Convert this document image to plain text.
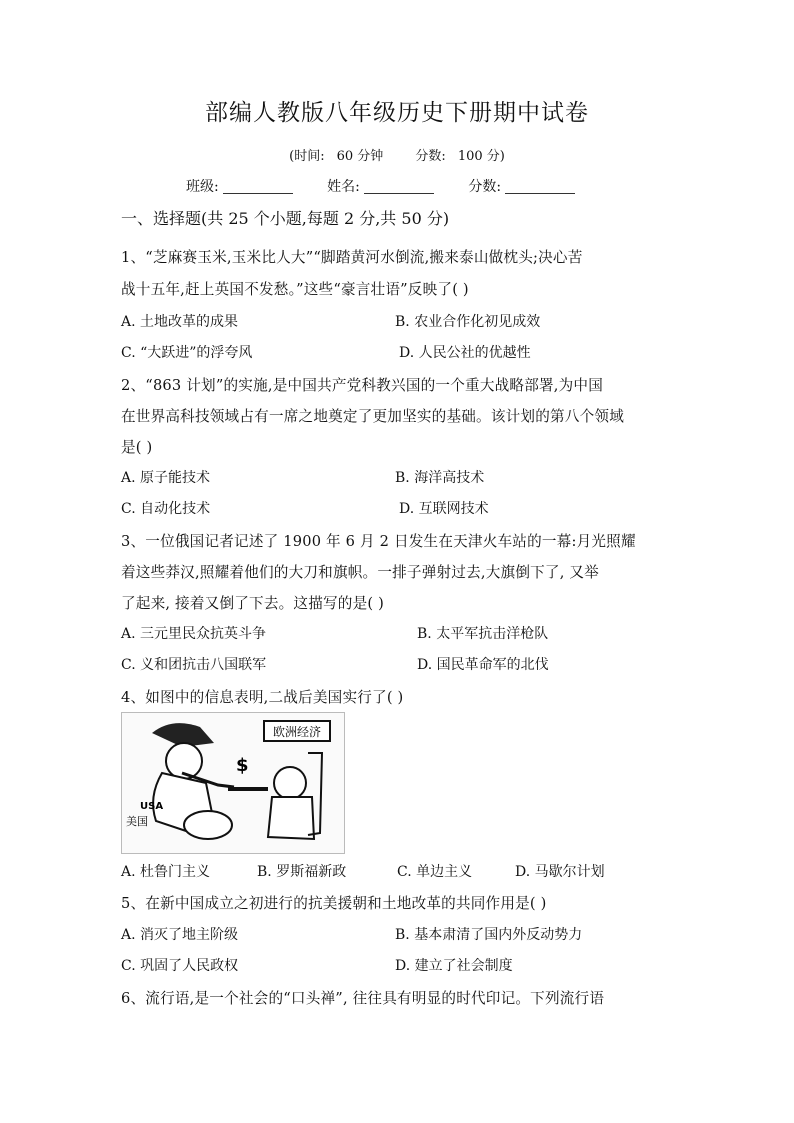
部编人教版八年级历史下册期中试卷
(时间: 60 分钟 分数: 100 分)
班级:	姓名:	分数:
一、选择题(共 25 个小题,每题 2 分,共 50 分)
1、“芝麻赛玉米,玉米比人大”“脚踏黄河水倒流,搬来泰山做枕头;决心苦
战十五年,赶上英国不发愁。”这些“豪言壮语”反映了( )
A. 土地改革的成果	B. 农业合作化初见成效
C. “大跃进”的浮夸风	D. 人民公社的优越性
2、“863 计划”的实施,是中国共产党科教兴国的一个重大战略部署,为中国
在世界高科技领域占有一席之地奠定了更加坚实的基础。该计划的第八个领域
是( )
A. 原子能技术	B. 海洋高技术
C. 自动化技术	D. 互联网技术
3、一位俄国记者记述了 1900 年 6 月 2 日发生在天津火车站的一幕:月光照耀
着这些莽汉,照耀着他们的大刀和旗帜。一排子弹射过去,大旗倒下了, 又举
了起来, 接着又倒了下去。这描写的是( )
A. 三元里民众抗英斗争	B. 太平军抗击洋枪队
C. 义和团抗击八国联军	D. 国民革命军的北伐
4、如图中的信息表明,二战后美国实行了( )
欧洲经济
USA
美国
$
A. 杜鲁门主义	B. 罗斯福新政	C. 单边主义	D. 马歇尔计划
5、在新中国成立之初进行的抗美援朝和土地改革的共同作用是( )
A. 消灭了地主阶级	B. 基本肃清了国内外反动势力
C. 巩固了人民政权	D. 建立了社会制度
6、流行语,是一个社会的“口头禅”, 往往具有明显的时代印记。下列流行语
